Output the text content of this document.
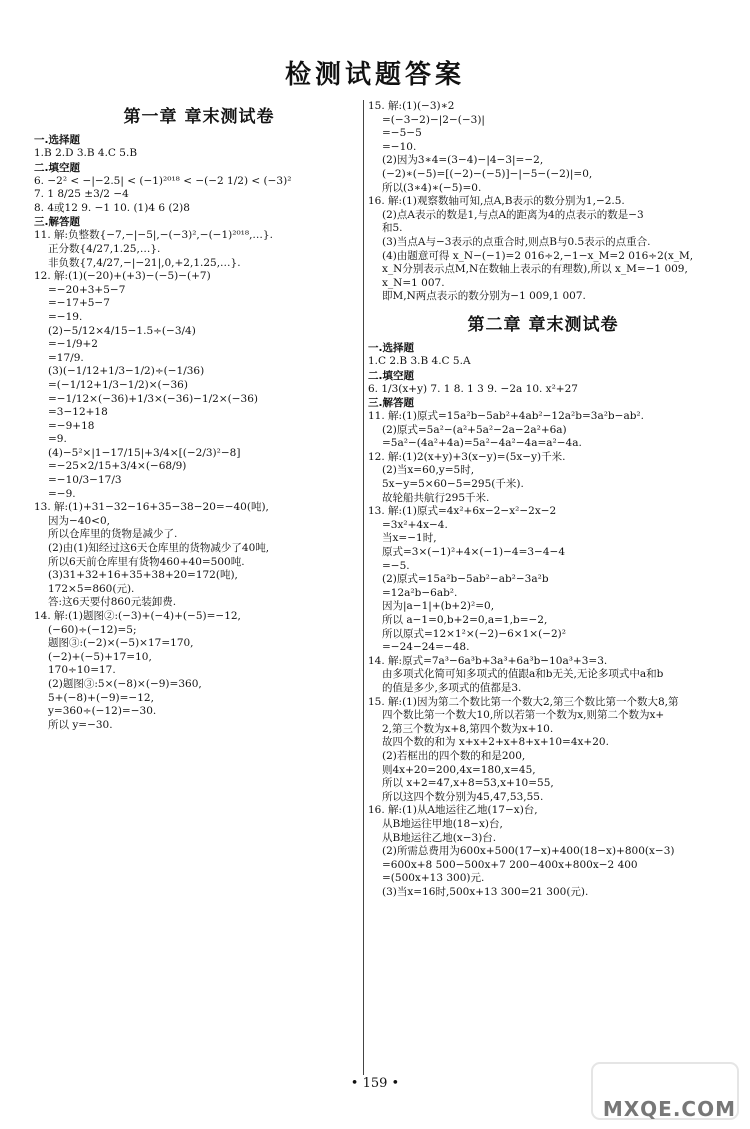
检测试题答案
第一章 章末测试卷
一.选择题
1.B 2.D 3.B 4.C 5.B
二.填空题
6. −2² < −|−2.5| < (−1)²⁰¹⁸ < −(−2 1/2) < (−3)²
7. 1 8/25 ±3/2 −4
8. 4或12 9. −1 10. (1)4 6 (2)8
三.解答题
11. 解:负整数{−7,−|−5|,−(−3)²,−(−1)²⁰¹⁸,…}.
正分数{4/27,1.25,…}.
非负数{7,4/27,−|−21|,0,+2,1.25,…}.
12. 解:(1)(−20)+(+3)−(−5)−(+7)
=−20+3+5−7
=−17+5−7
=−19.
(2)−5/12×4/15−1.5÷(−3/4)
=−1/9+2
=17/9.
(3)(−1/12+1/3−1/2)÷(−1/36)
=(−1/12+1/3−1/2)×(−36)
=−1/12×(−36)+1/3×(−36)−1/2×(−36)
=3−12+18
=−9+18
=9.
(4)−5²×|1−17/15|+3/4×[(−2/3)²−8]
=−25×2/15+3/4×(−68/9)
=−10/3−17/3
=−9.
13. 解:(1)+31−32−16+35−38−20=−40(吨),
因为−40<0,
所以仓库里的货物是减少了.
(2)由(1)知经过这6天仓库里的货物减少了40吨,
所以6天前仓库里有货物460+40=500吨.
(3)31+32+16+35+38+20=172(吨),
172×5=860(元).
答:这6天要付860元装卸费.
14. 解:(1)题图②:(−3)+(−4)+(−5)=−12,
(−60)÷(−12)=5;
题图③:(−2)×(−5)×17=170,
(−2)+(−5)+17=10,
170÷10=17.
(2)题图③:5×(−8)×(−9)=360,
5+(−8)+(−9)=−12,
y=360÷(−12)=−30.
所以 y=−30.
15. 解:(1)(−3)∗2
=(−3−2)−|2−(−3)|
=−5−5
=−10.
(2)因为3∗4=(3−4)−|4−3|=−2,
(−2)∗(−5)=[(−2)−(−5)]−|−5−(−2)|=0,
所以(3∗4)∗(−5)=0.
16. 解:(1)观察数轴可知,点A,B表示的数分别为1,−2.5.
(2)点A表示的数是1,与点A的距离为4的点表示的数是−3
和5.
(3)当点A与−3表示的点重合时,则点B与0.5表示的点重合.
(4)由题意可得 x_N−(−1)=2 016÷2,−1−x_M=2 016÷2(x_M,
x_N分别表示点M,N在数轴上表示的有理数),所以 x_M=−1 009,
x_N=1 007.
即M,N两点表示的数分别为−1 009,1 007.
第二章 章末测试卷
一.选择题
1.C 2.B 3.B 4.C 5.A
二.填空题
6. 1/3(x+y) 7. 1 8. 1 3 9. −2a 10. x²+27
三.解答题
11. 解:(1)原式=15a²b−5ab²+4ab²−12a²b=3a²b−ab².
(2)原式=5a²−(a²+5a²−2a−2a²+6a)
=5a²−(4a²+4a)=5a²−4a²−4a=a²−4a.
12. 解:(1)2(x+y)+3(x−y)=(5x−y)千米.
(2)当x=60,y=5时,
5x−y=5×60−5=295(千米).
故轮船共航行295千米.
13. 解:(1)原式=4x²+6x−2−x²−2x−2
=3x²+4x−4.
当x=−1时,
原式=3×(−1)²+4×(−1)−4=3−4−4
=−5.
(2)原式=15a²b−5ab²−ab²−3a²b
=12a²b−6ab².
因为|a−1|+(b+2)²=0,
所以 a−1=0,b+2=0,a=1,b=−2,
所以原式=12×1²×(−2)−6×1×(−2)²
=−24−24=−48.
14. 解:原式=7a³−6a³b+3a³+6a³b−10a³+3=3.
由多项式化简可知多项式的值跟a和b无关,无论多项式中a和b
的值是多少,多项式的值都是3.
15. 解:(1)因为第二个数比第一个数大2,第三个数比第一个数大8,第
四个数比第一个数大10,所以若第一个数为x,则第二个数为x+
2,第三个数为x+8,第四个数为x+10.
故四个数的和为 x+x+2+x+8+x+10=4x+20.
(2)若框出的四个数的和是200,
则4x+20=200,4x=180,x=45,
所以 x+2=47,x+8=53,x+10=55,
所以这四个数分别为45,47,53,55.
16. 解:(1)从A地运往乙地(17−x)台,
从B地运往甲地(18−x)台,
从B地运往乙地(x−3)台.
(2)所需总费用为600x+500(17−x)+400(18−x)+800(x−3)
=600x+8 500−500x+7 200−400x+800x−2 400
=(500x+13 300)元.
(3)当x=16时,500x+13 300=21 300(元).
• 159 •
MXQE.COM
